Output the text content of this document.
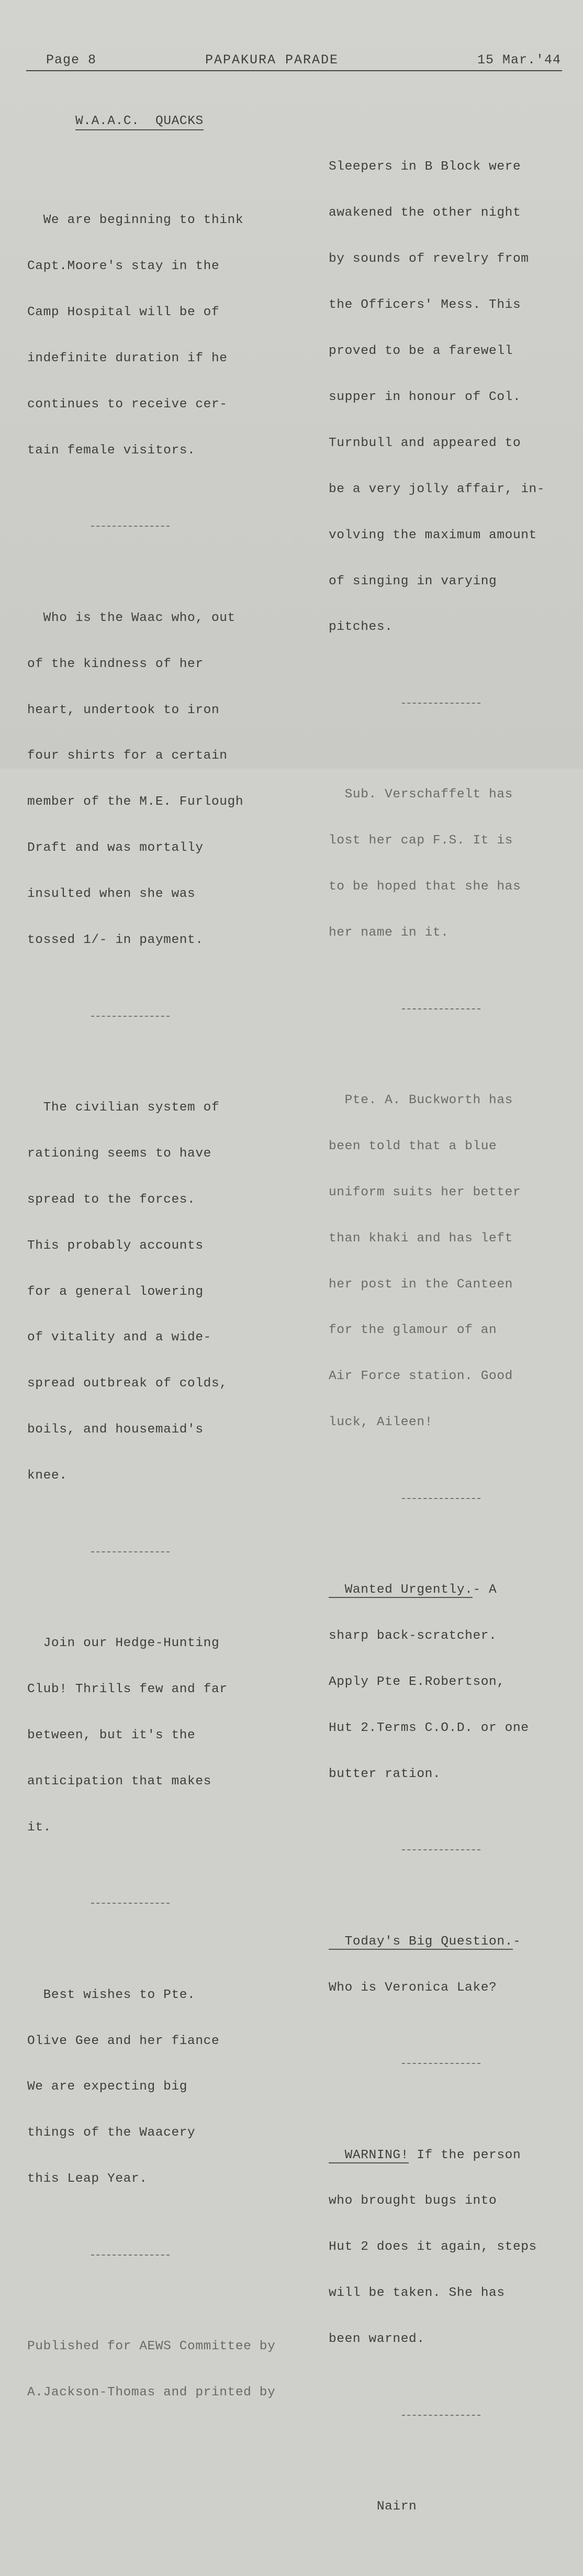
Page 8	PAPAKURA PARADE	15 Mar.'44

W.A.A.C.  QUACKS

We are beginning to think

Capt.Moore's stay in the

Camp Hospital will be of

indefinite duration if he

continues to receive cer-

tain female visitors.

Who is the Waac who, out

of the kindness of her

heart, undertook to iron

four shirts for a certain

member of the M.E. Furlough

Draft and was mortally

insulted when she was

tossed 1/- in payment.

The civilian system of

rationing seems to have

spread to the forces.

This probably accounts

for a general lowering

of vitality and a wide-

spread outbreak of colds,

boils, and housemaid's

knee.

Join our Hedge-Hunting

Club! Thrills few and far

between, but it's the

anticipation that makes

it.

Best wishes to Pte.

Olive Gee and her fiance

We are expecting big

things of the Waacery

this Leap Year.

Published for AEWS Committee by

A.Jackson-Thomas and printed by

Sleepers in B Block were

awakened the other night

by sounds of revelry from

the Officers' Mess. This

proved to be a farewell

supper in honour of Col.

Turnbull and appeared to

be a very jolly affair, in-

volving the maximum amount

of singing in varying

pitches.

Sub. Verschaffelt has

lost her cap F.S. It is

to be hoped that she has

her name in it.

Pte. A. Buckworth has

been told that a blue

uniform suits her better

than khaki and has left

her post in the Canteen

for the glamour of an

Air Force station. Good

luck, Aileen!

Wanted Urgently.- A

sharp back-scratcher.

Apply Pte E.Robertson,

Hut 2.Terms C.O.D. or one

butter ration.

Today's Big Question.-

Who is Veronica Lake?

WARNING! If the person

who brought bugs into

Hut 2 does it again, steps

will be taken. She has

been warned.

Nairn
